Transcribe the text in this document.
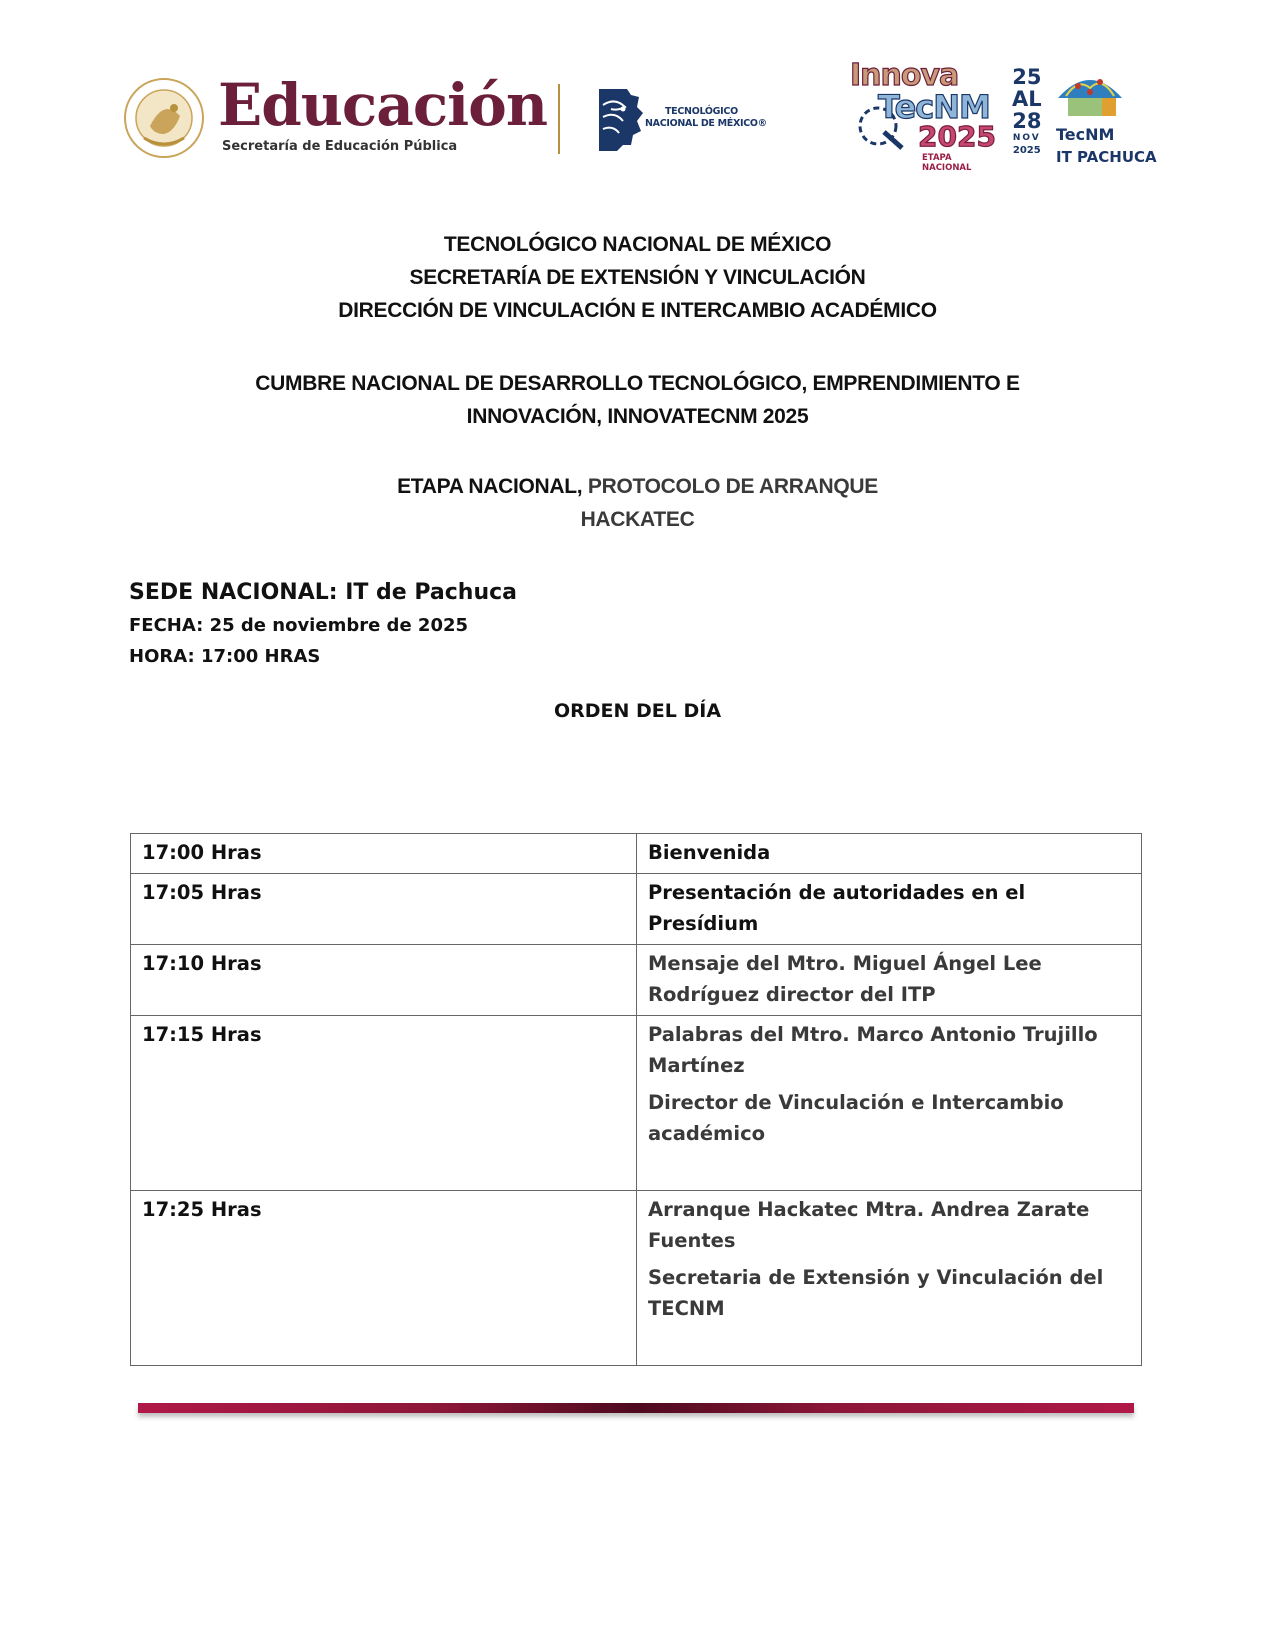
Educación
Secretaría de Educación Pública
TECNOLÓGICO
NACIONAL DE MÉXICO®
Innova
TecNM
2025
ETAPA NACIONAL
25
AL
28
NOV
2025
TecNM
IT PACHUCA
TECNOLÓGICO NACIONAL DE MÉXICO
SECRETARÍA DE EXTENSIÓN Y VINCULACIÓN
DIRECCIÓN DE VINCULACIÓN E INTERCAMBIO ACADÉMICO
CUMBRE NACIONAL DE DESARROLLO TECNOLÓGICO, EMPRENDIMIENTO E
INNOVACIÓN, INNOVATECNM 2025
ETAPA NACIONAL, PROTOCOLO DE ARRANQUE
HACKATEC
SEDE NACIONAL: IT de Pachuca
FECHA: 25 de noviembre de 2025
HORA: 17:00 HRAS
ORDEN DEL DÍA
17:00 Hras	Bienvenida

17:05 Hras	Presentación de autoridades en el Presídium

17:10 Hras	Mensaje del Mtro. Miguel Ángel Lee Rodríguez director del ITP

17:15 Hras	Palabras del Mtro. Marco Antonio Trujillo Martínez
Director de Vinculación e Intercambio académico

17:25 Hras	Arranque Hackatec Mtra. Andrea Zarate Fuentes
Secretaria de Extensión y Vinculación del TECNM
